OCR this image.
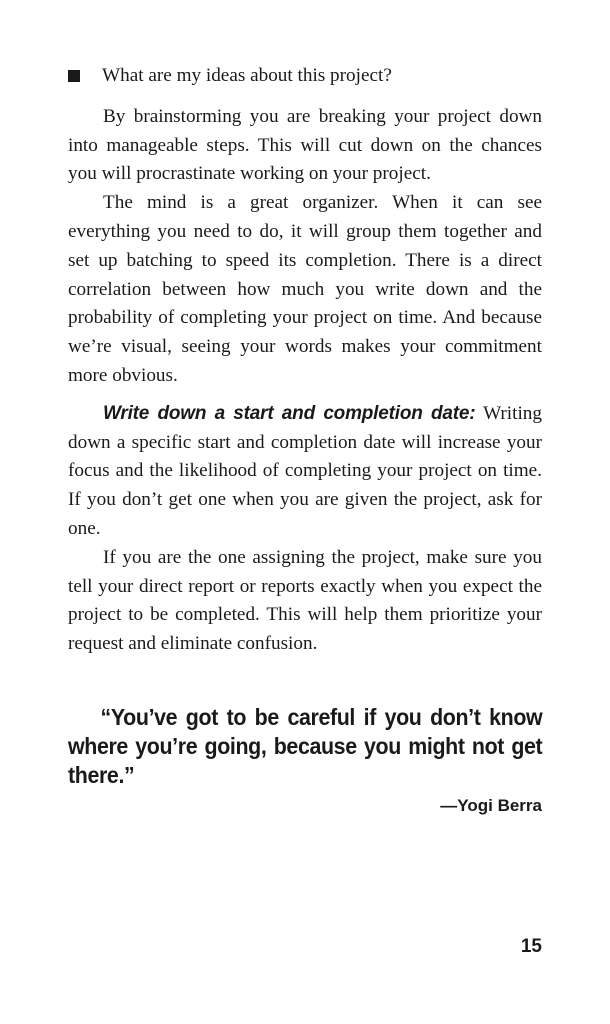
What are my ideas about this project?

By brainstorming you are breaking your project down into manageable steps. This will cut down on the chances you will procrastinate working on your project.

The mind is a great organizer. When it can see everything you need to do, it will group them together and set up batching to speed its completion. There is a direct correlation between how much you write down and the probability of completing your project on time. And because we’re visual, seeing your words makes your commitment more obvious.

Write down a start and completion date: Writing down a specific start and completion date will increase your focus and the likelihood of completing your project on time. If you don’t get one when you are given the project, ask for one.

If you are the one assigning the project, make sure you tell your direct report or reports exactly when you expect the project to be completed. This will help them prioritize your request and eliminate confusion.

“You’ve got to be careful if you don’t know where you’re going, because you might not get there.”
—Yogi Berra
15
